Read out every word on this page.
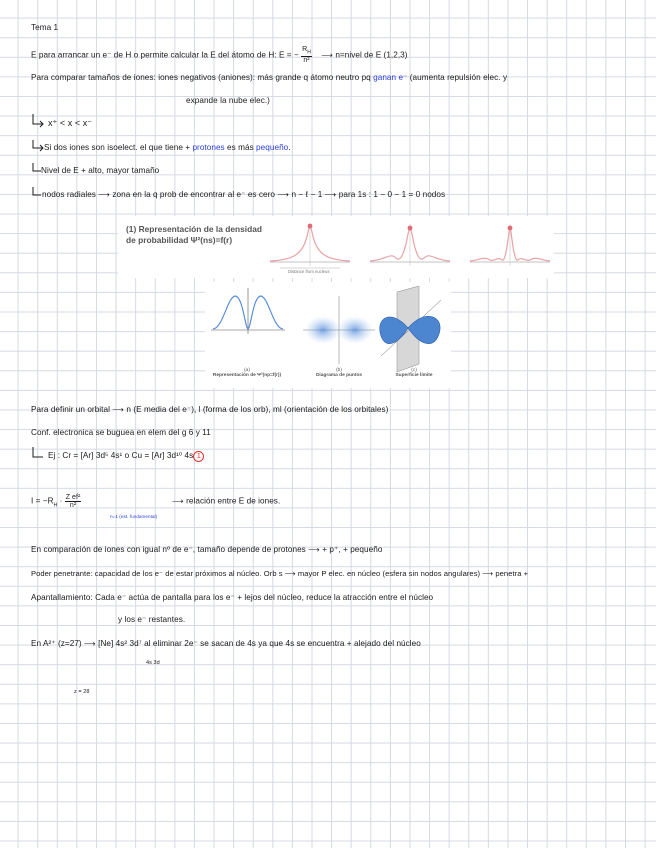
Tema 1
E para arrancar un e⁻ de H o permite calcular la E del átomo de H: E = − $\frac{R_H}{\text{n²}}$ ⟶ n=nivel de E (1,2,3)
Para comparar tamaños de iones: iones negativos (aniones): más grande q átomo neutro pq ganan e⁻ (aumenta repulsión elec. y
expande la nube elec.)
x⁺ < x < x⁻
Si dos iones son isoelect. el que tiene + protones es más pequeño.
Nivel de E + alto, mayor tamaño
nodos radiales ⟶ zona en la q prob de encontrar al e⁻ es cero ⟶ n − ℓ − 1 ⟶ para 1s : 1 − 0 − 1 = 0 nodos
(1) Representación de la densidad de probabilidad Ψ²(ns)=f(r)
Distance from nucleus
(a)
Representación de Ψ²(np=f(r))
(b)
Diagrama de puntos
(c)
Superficie límite
Para definir un orbital ⟶ n (E media del e⁻), l (forma de los orb), ml (orientación de los orbitales)
Conf. electronica se buguea en elem del g 6 y 11
Ej : Cr = [Ar] 3d⁵ 4s¹ o Cu = [Ar] 3d¹⁰ 4s 1
$I = -R_H \cdot \frac{\text{Z ef²}}{\text{n²}}$	⟶ relación entre E de iones.
n=1 (est. fundamental)
En comparación de iones con igual nº de e⁻, tamaño depende de protones ⟶ + p⁺, + pequeño
Poder penetrante: capacidad de los e⁻ de estar próximos al núcleo. Orb s ⟶ mayor P elec. en núcleo (esfera sin nodos angulares) ⟶ penetra +
Apantallamiento: Cada e⁻ actúa de pantalla para los e⁻ + lejos del núcleo, reduce la atracción entre el núcleo
y los e⁻ restantes.
En A²⁺ (z=27) ⟶ [Ne] 4s² 3d⁷ al eliminar 2e⁻ se sacan de 4s ya que 4s se encuentra + alejado del núcleo
4s 3d
z = 28
